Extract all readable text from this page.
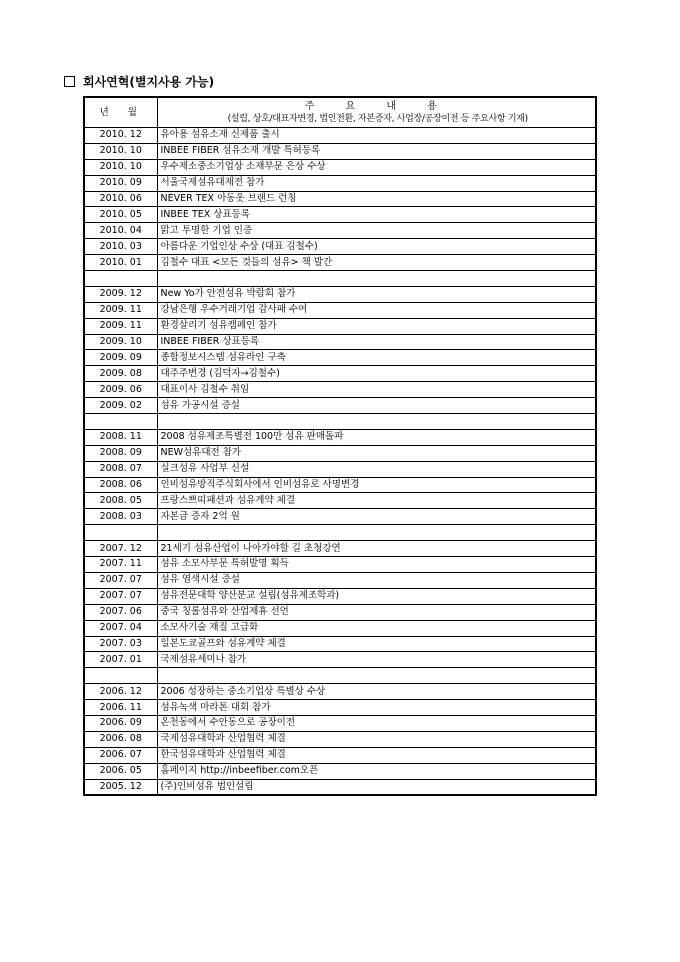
회사연혁(별지사용 가능)
년 월	주 요 내 용
(설립, 상호/대표자변경, 법인전환, 자본증자, 사업장/공장이전 등 주요사항 기재)

2010. 12	유아용 섬유소재 신제품 출시
2010. 10	INBEE FIBER 섬유소재 개발 특허등록
2010. 10	우수제소중소기업상 소재부문 은상 수상
2010. 09	서울국제섬유대제전 참가
2010. 06	NEVER TEX 아동옷 브랜드 런칭
2010. 05	INBEE TEX 상표등록
2010. 04	맑고 투명한 기업 인증
2010. 03	아름다운 기업인상 수상 (대표 김철수)
2010. 01	김철수 대표 <모든 것들의 섬유> 책 발간

2009. 12	New Yo가 안전섬유 박람회 참가
2009. 11	강남은행 우수거래기업 감사패 수여
2009. 11	환경살리기 섬유캠페인 참가
2009. 10	INBEE FIBER 상표등록
2009. 09	종합정보시스템 섬유라인 구축
2009. 08	대주주변경 (김덕자→김철수)
2009. 06	대표이사 김철수 취임
2009. 02	섬유 가공시설 증설

2008. 11	2008 섬유제조특별전 100만 섬유 판매돌파
2008. 09	NEW섬유대전 참가
2008. 07	실크섬유 사업부 신설
2008. 06	인비섬유방직주식회사에서 인비섬유로 사명변경
2008. 05	프랑스쁘띠패션과 섬유계약 체결
2008. 03	자본금 증자 2억 원

2007. 12	21세기 섬유산업이 나아가야할 길 초청강연
2007. 11	섬유 소모사부문 특허발명 획득
2007. 07	섬유 염색시설 증설
2007. 07	섬유전문대학 양산분교 설립(섬유제조학과)
2007. 06	중국 칭롤섬유와 산업제휴 선언
2007. 04	소모사기술 재질 고급화
2007. 03	일본도쿄골프와 섬유계약 체결
2007. 01	국제섬유세미나 참가

2006. 12	2006 성장하는 중소기업상 특별상 수상
2006. 11	섬유녹색 마라톤 대회 참가
2006. 09	온천동에서 수안동으로 공장이전
2006. 08	국제섬유대학과 산업협력 체결
2006. 07	한국섬유대학과 산업협력 체결
2006. 05	홈페이지 http://inbeefiber.com오픈
2005. 12	(주)인비섬유 법인설립
